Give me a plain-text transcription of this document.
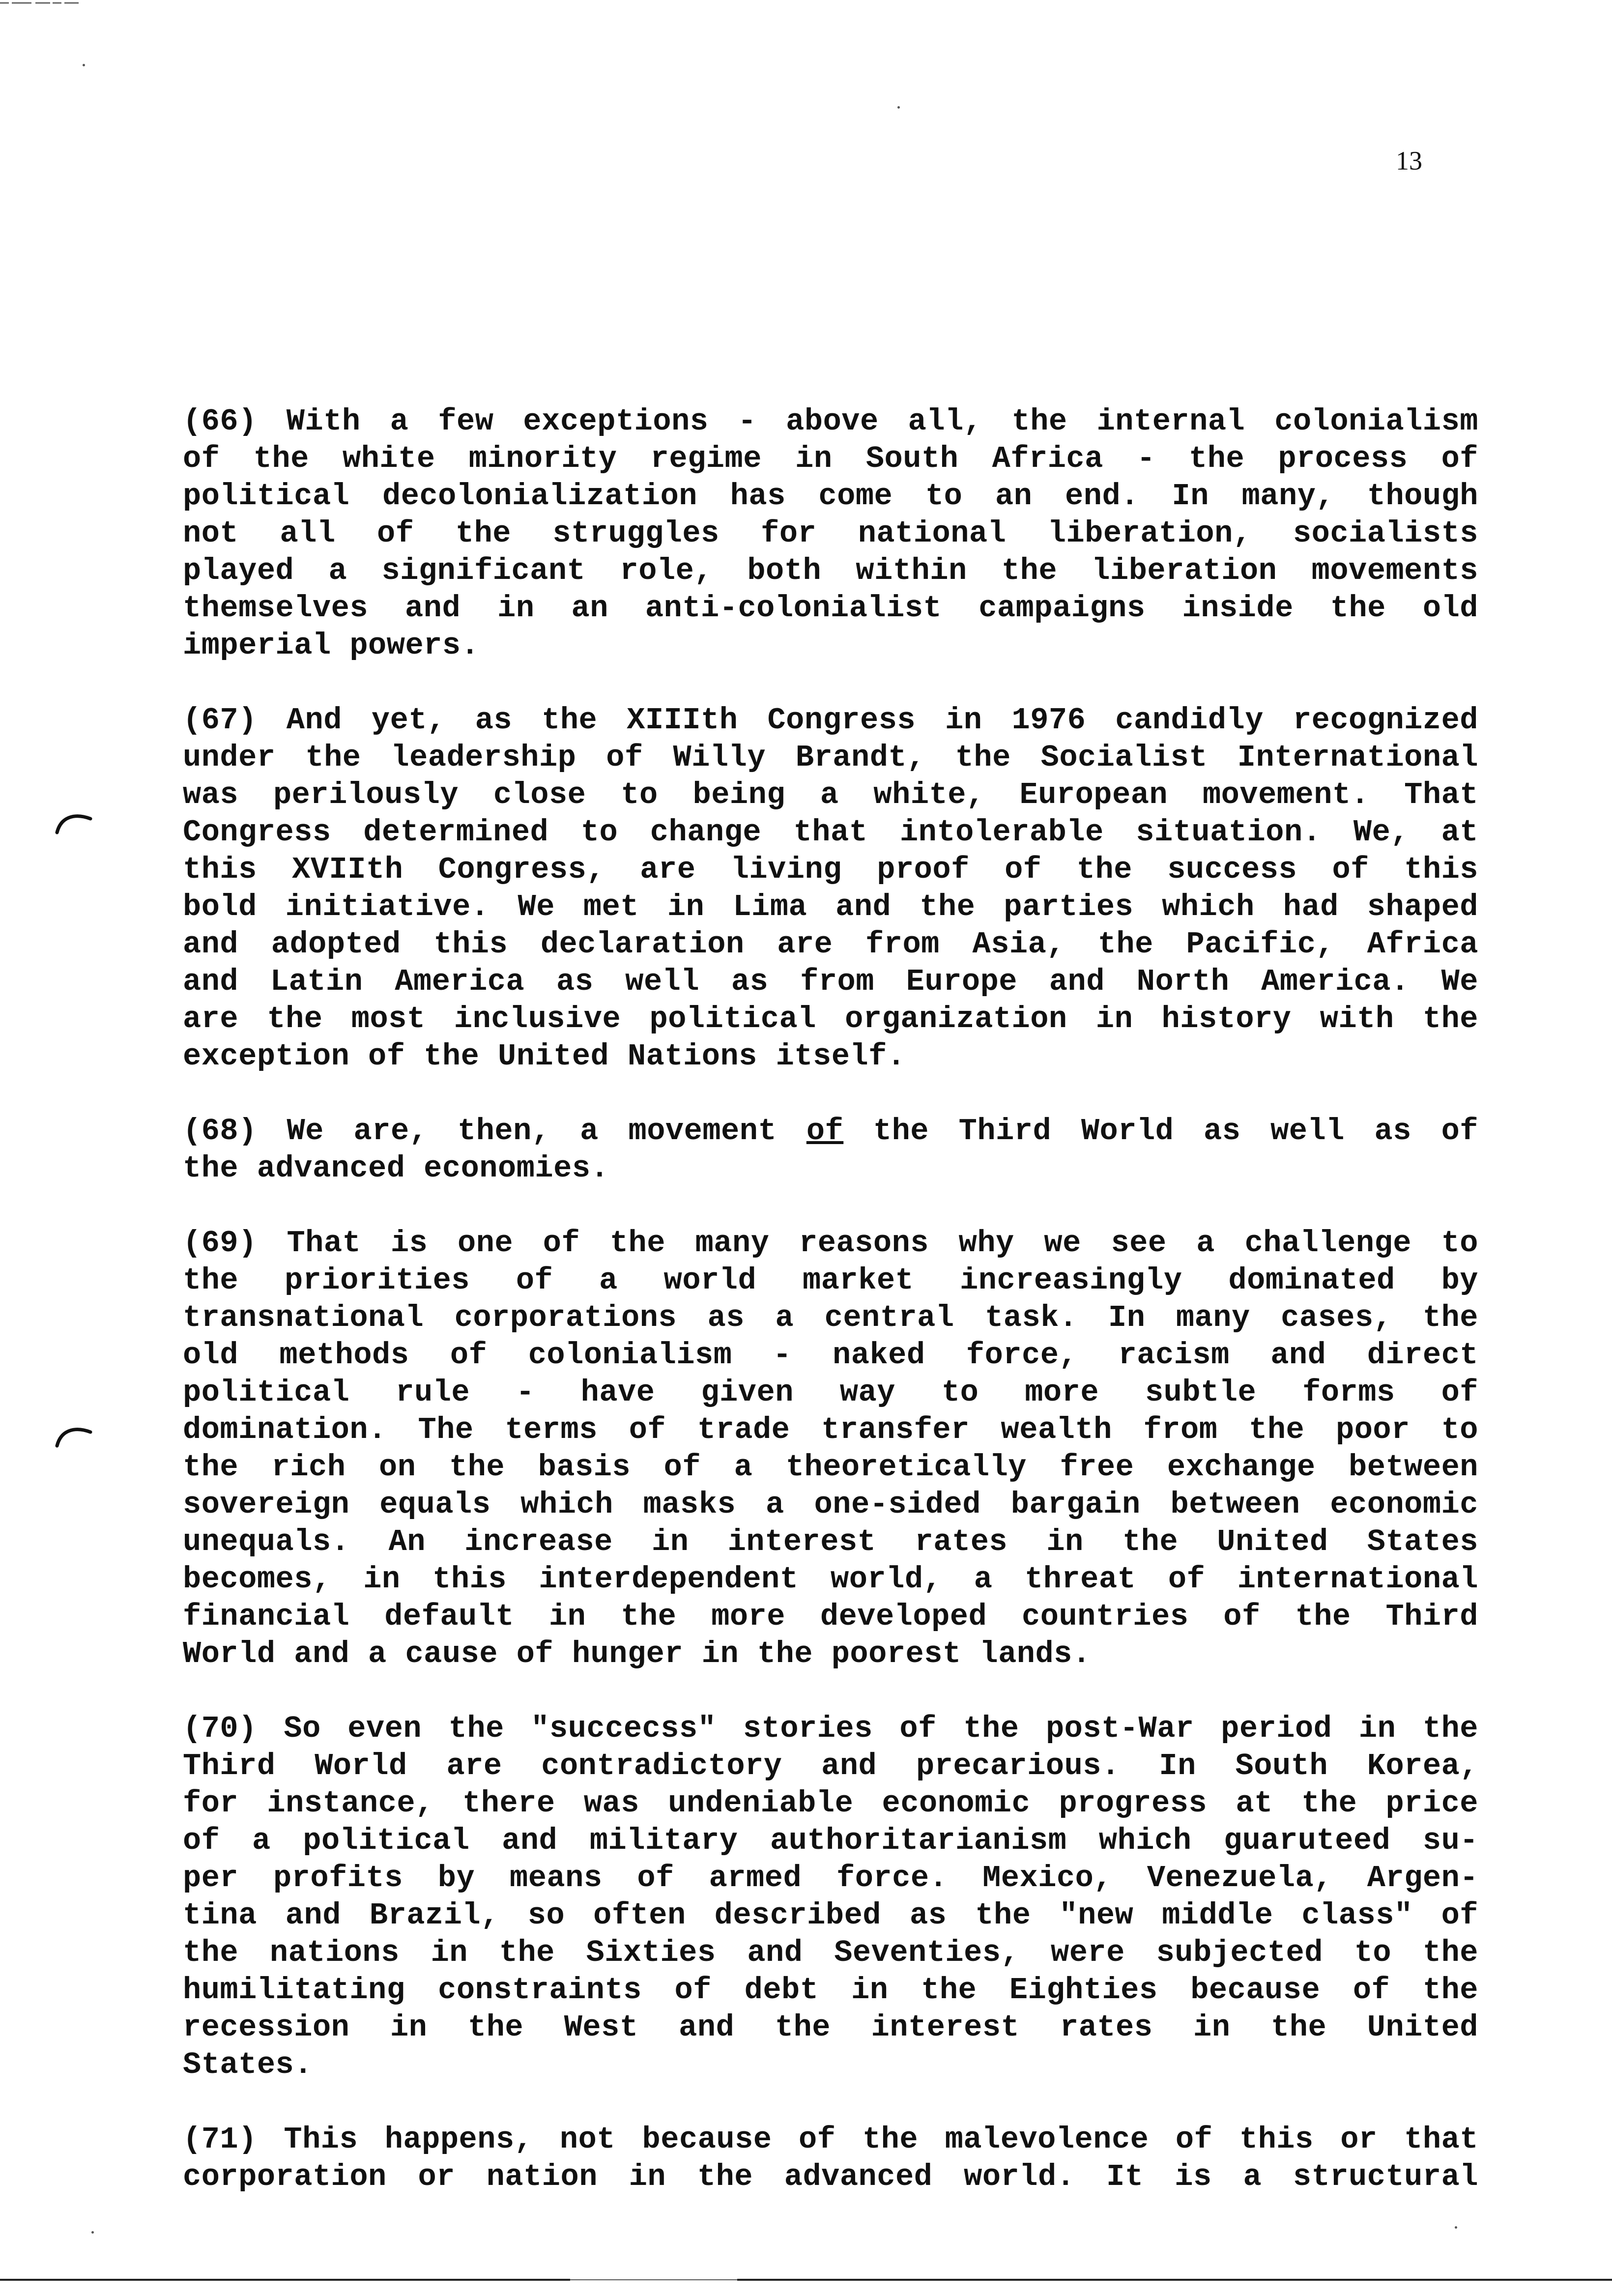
13
(66) With a few exceptions - above all, the internal colonialism
of the white minority regime in South Africa - the process of
political decolonialization has come to an end. In many, though
not all of the struggles for national liberation, socialists
played a significant role, both within the liberation movements
themselves and in an anti-colonialist campaigns inside the old
imperial powers.
(67) And yet, as the XIIIth Congress in 1976 candidly recognized
under the leadership of Willy Brandt, the Socialist International
was perilously close to being a white, European movement. That
Congress determined to change that intolerable situation. We, at
this XVIIth Congress, are living proof of the success of this
bold initiative. We met in Lima and the parties which had shaped
and adopted this declaration are from Asia, the Pacific, Africa
and Latin America as well as from Europe and North America. We
are the most inclusive political organization in history with the
exception of the United Nations itself.
(68) We are, then, a movement of the Third World as well as of
the advanced economies.
(69) That is one of the many reasons why we see a challenge to
the priorities of a world market increasingly dominated by
transnational corporations as a central task. In many cases, the
old methods of colonialism - naked force, racism and direct
political rule - have given way to more subtle forms of
domination. The terms of trade transfer wealth from the poor to
the rich on the basis of a theoretically free exchange between
sovereign equals which masks a one-sided bargain between economic
unequals. An increase in interest rates in the United States
becomes, in this interdependent world, a threat of international
financial default in the more developed countries of the Third
World and a cause of hunger in the poorest lands.
(70) So even the "succecss" stories of the post-War period in the
Third World are contradictory and precarious. In South Korea,
for instance, there was undeniable economic progress at the price
of a political and military authoritarianism which guaruteed su-
per profits by means of armed force. Mexico, Venezuela, Argen-
tina and Brazil, so often described as the "new middle class" of
the nations in the Sixties and Seventies, were subjected to the
humilitating constraints of debt in the Eighties because of the
recession in the West and the interest rates in the United
States.
(71) This happens, not because of the malevolence of this or that
corporation or nation in the advanced world. It is a structural
